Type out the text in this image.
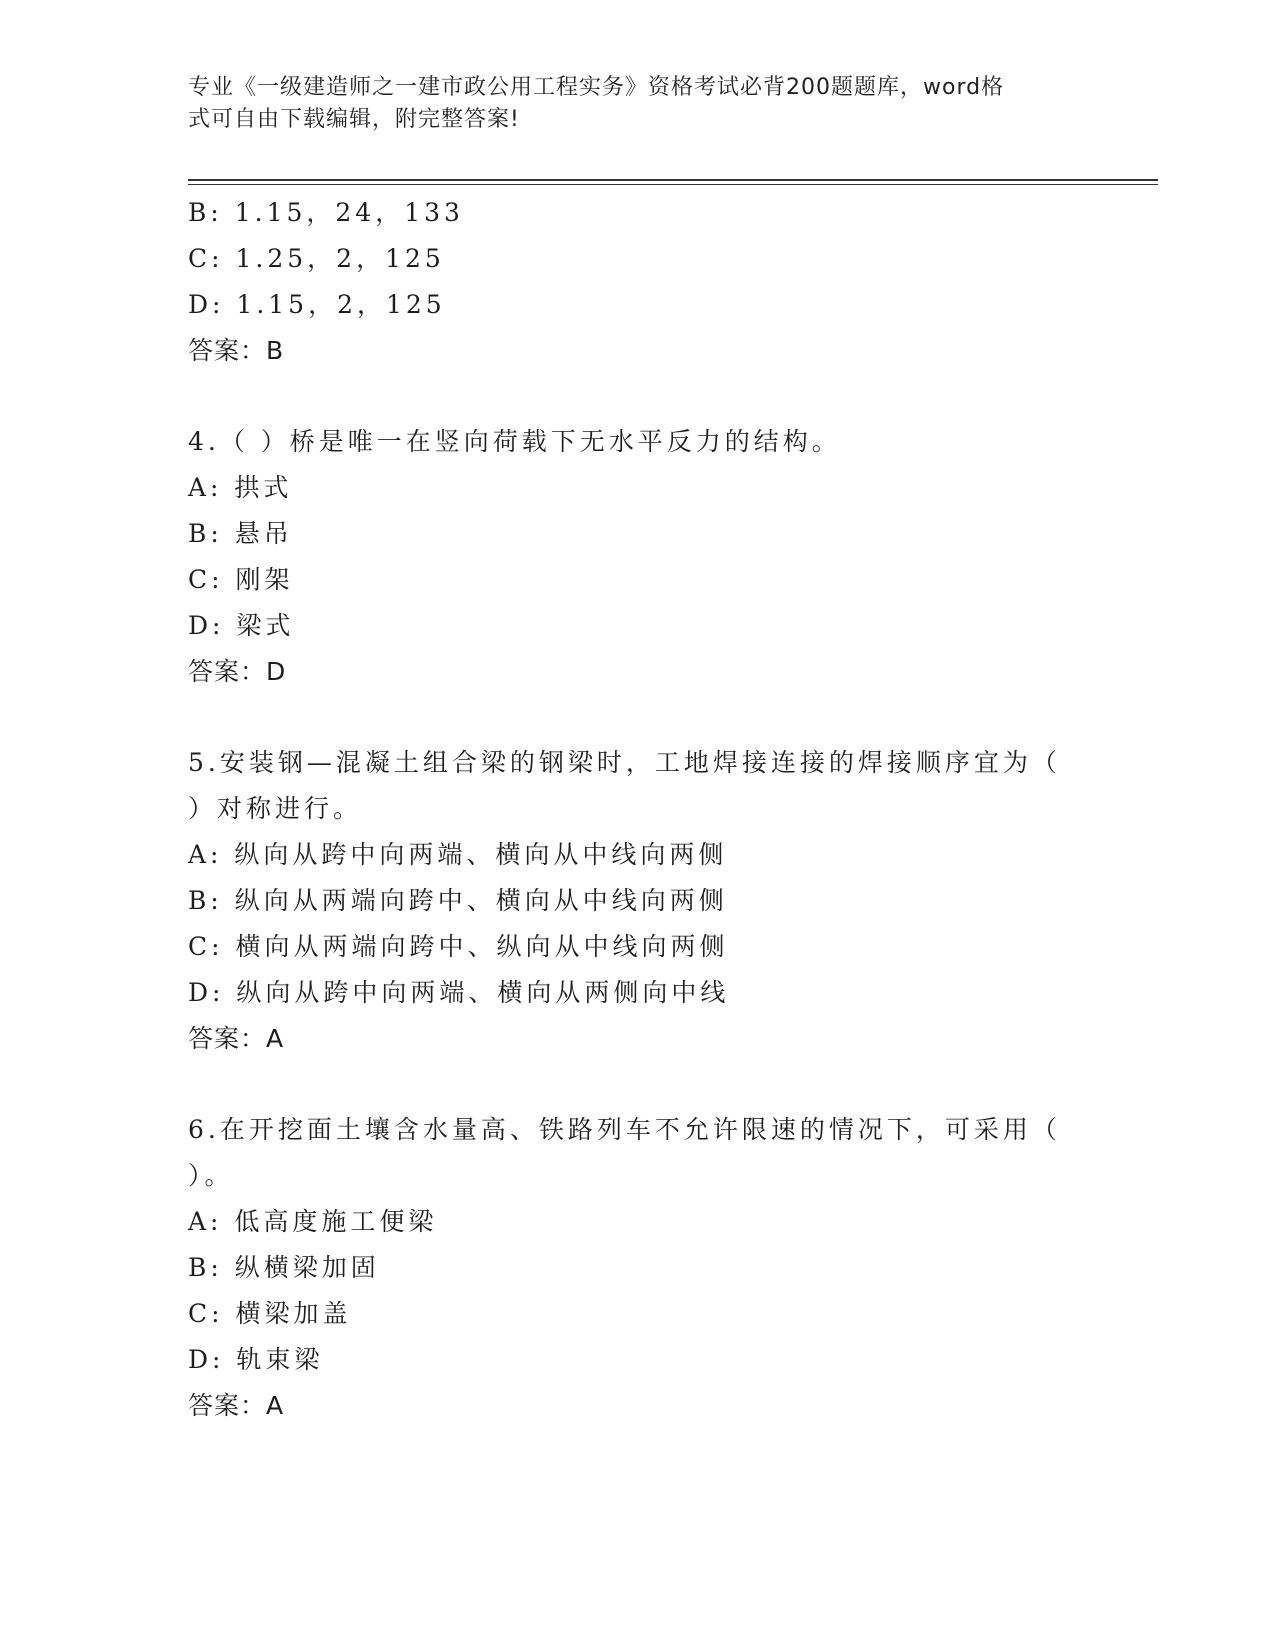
专业《一级建造师之一建市政公用工程实务》资格考试必背200题题库，word格
式可自由下载编辑，附完整答案!
B: 1.15，24，133
C: 1.25，2，125
D: 1.15，2，125
答案：B
4.（ ）桥是唯一在竖向荷载下无水平反力的结构。
A: 拱式
B: 悬吊
C: 刚架
D: 梁式
答案：D
5.安装钢—混凝土组合梁的钢梁时，工地焊接连接的焊接顺序宜为（
）对称进行。
A: 纵向从跨中向两端、横向从中线向两侧
B: 纵向从两端向跨中、横向从中线向两侧
C: 横向从两端向跨中、纵向从中线向两侧
D: 纵向从跨中向两端、横向从两侧向中线
答案：A
6.在开挖面土壤含水量高、铁路列车不允许限速的情况下，可采用（
）。
A: 低高度施工便梁
B: 纵横梁加固
C: 横梁加盖
D: 轨束梁
答案：A
